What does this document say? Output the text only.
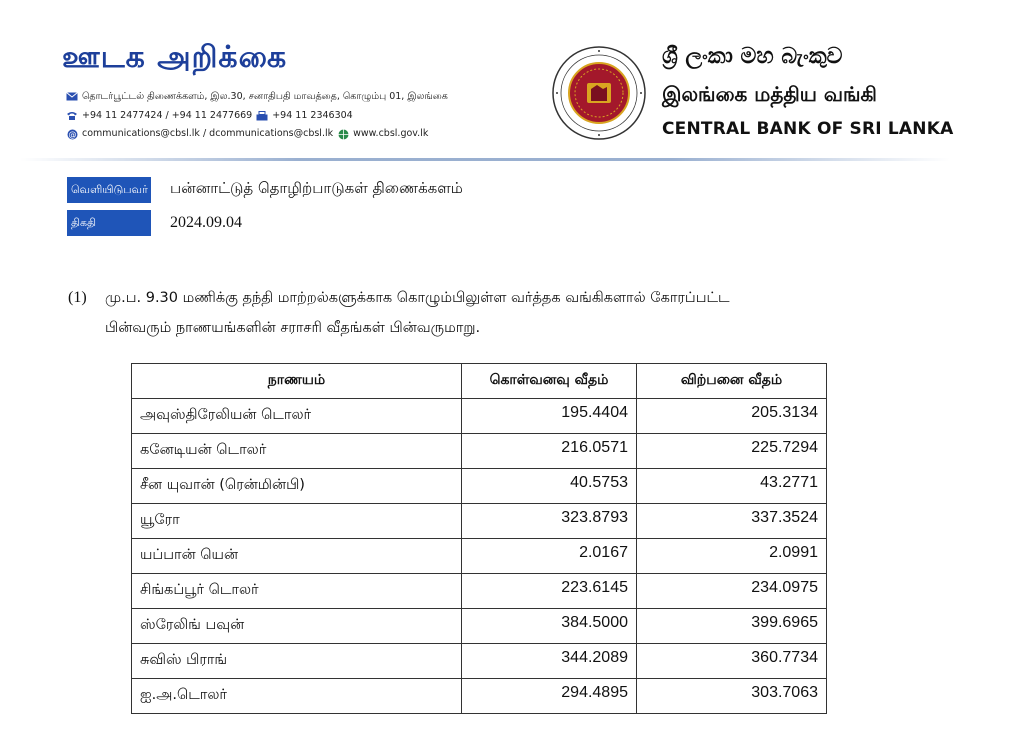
ஊடக அறிக்கை
தொடர்பூட்டல் திணைக்களம், இல.30, சனாதிபதி மாவத்தை, கொழும்பு 01, இலங்கை
+94 11 2477424 / +94 11 2477669 +94 11 2346304
@ communications@cbsl.lk / dcommunications@cbsl.lk www.cbsl.gov.lk
ශ්‍රී ලංකා මහ බැංකුව
இலங்கை மத்திய வங்கி
CENTRAL BANK OF SRI LANKA
வெளியிடுபவர் பன்னாட்டுத் தொழிற்பாடுகள் திணைக்களம்
திகதி	2024.09.04
(1) மு.ப. 9.30 மணிக்கு தந்தி மாற்றல்களுக்காக கொழும்பிலுள்ள வர்த்தக வங்கிகளால் கோரப்பட்ட
பின்வரும் நாணயங்களின் சராசரி வீதங்கள் பின்வருமாறு.
நாணயம்	கொள்வனவு வீதம்	விற்பனை வீதம்
அவுஸ்திரேலியன் டொலர்	195.4404	205.3134
கனேடியன் டொலர்	216.0571	225.7294
சீன யுவான் (ரென்மின்பி)	40.5753	43.2771
யூரோ	323.8793	337.3524
யப்பான் யென்	2.0167	2.0991
சிங்கப்பூர் டொலர்	223.6145	234.0975
ஸ்ரேலிங் பவுன்	384.5000	399.6965
சுவிஸ் பிராங்	344.2089	360.7734
ஐ.அ.டொலர்	294.4895	303.7063
